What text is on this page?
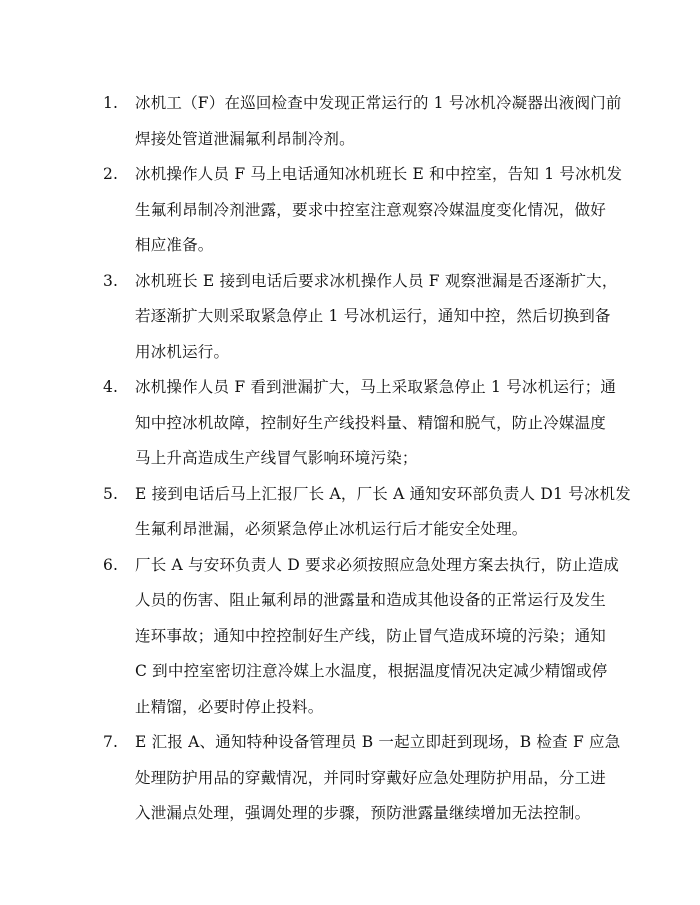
1.	冰机工（F）在巡回检查中发现正常运行的 1 号冰机冷凝器出液阀门前
焊接处管道泄漏氟利昂制冷剂。
2.	冰机操作人员 F 马上电话通知冰机班长 E 和中控室，告知 1 号冰机发
生氟利昂制冷剂泄露，要求中控室注意观察冷媒温度变化情况，做好
相应准备。
3.	冰机班长 E 接到电话后要求冰机操作人员 F 观察泄漏是否逐渐扩大，
若逐渐扩大则采取紧急停止 1 号冰机运行，通知中控，然后切换到备
用冰机运行。
4.	冰机操作人员 F 看到泄漏扩大，马上采取紧急停止 1 号冰机运行；通
知中控冰机故障，控制好生产线投料量、精馏和脱气，防止冷媒温度
马上升高造成生产线冒气影响环境污染；
5.	E 接到电话后马上汇报厂长 A，厂长 A 通知安环部负责人 D1 号冰机发
生氟利昂泄漏，必须紧急停止冰机运行后才能安全处理。
6.	厂长 A 与安环负责人 D 要求必须按照应急处理方案去执行，防止造成
人员的伤害、阻止氟利昂的泄露量和造成其他设备的正常运行及发生
连环事故；通知中控控制好生产线，防止冒气造成环境的污染；通知
C 到中控室密切注意冷媒上水温度，根据温度情况决定减少精馏或停
止精馏，必要时停止投料。
7.	E 汇报 A、通知特种设备管理员 B 一起立即赶到现场，B 检查 F 应急
处理防护用品的穿戴情况，并同时穿戴好应急处理防护用品，分工进
入泄漏点处理，强调处理的步骤，预防泄露量继续增加无法控制。
